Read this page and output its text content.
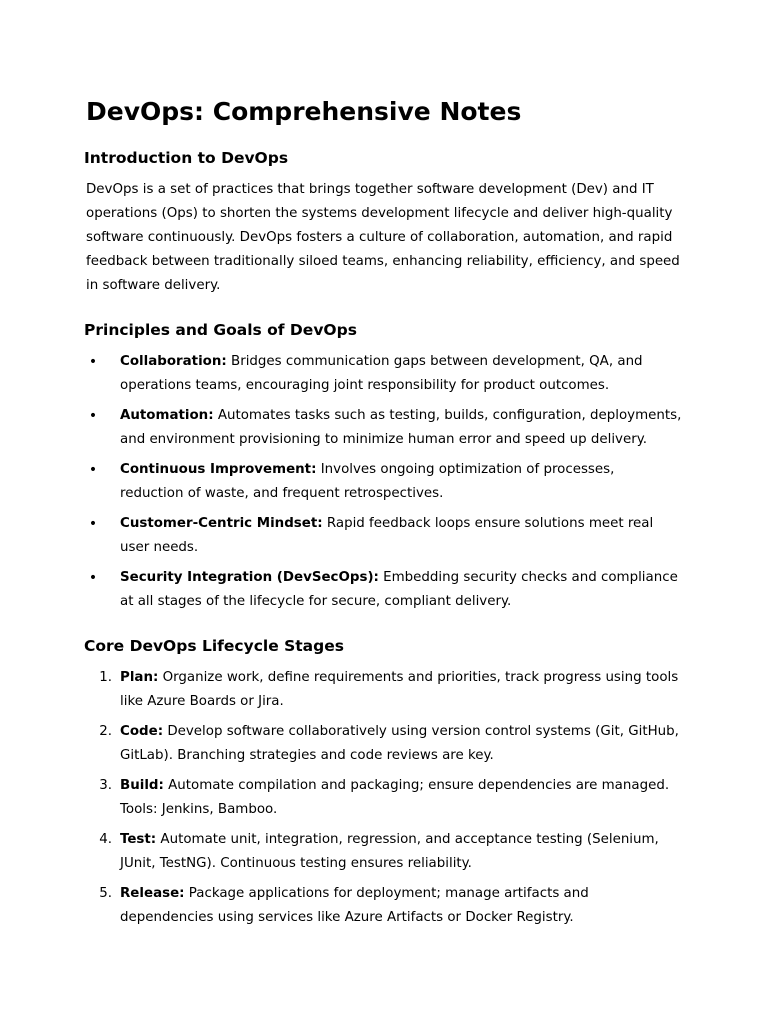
DevOps: Comprehensive Notes
Introduction to DevOps

DevOps is a set of practices that brings together software development (Dev) and IT operations (Ops) to shorten the systems development lifecycle and deliver high-quality software continuously. DevOps fosters a culture of collaboration, automation, and rapid feedback between traditionally siloed teams, enhancing reliability, efficiency, and speed in software delivery.

Principles and Goals of DevOps
• Collaboration: Bridges communication gaps between development, QA, and operations teams, encouraging joint responsibility for product outcomes.
• Automation: Automates tasks such as testing, builds, configuration, deployments, and environment provisioning to minimize human error and speed up delivery.
• Continuous Improvement: Involves ongoing optimization of processes, reduction of waste, and frequent retrospectives.
• Customer-Centric Mindset: Rapid feedback loops ensure solutions meet real user needs.
• Security Integration (DevSecOps): Embedding security checks and compliance at all stages of the lifecycle for secure, compliant delivery.
Core DevOps Lifecycle Stages
1. Plan: Organize work, define requirements and priorities, track progress using tools like Azure Boards or Jira.
2. Code: Develop software collaboratively using version control systems (Git, GitHub, GitLab). Branching strategies and code reviews are key.
3. Build: Automate compilation and packaging; ensure dependencies are managed. Tools: Jenkins, Bamboo.
4. Test: Automate unit, integration, regression, and acceptance testing (Selenium, JUnit, TestNG). Continuous testing ensures reliability.
5. Release: Package applications for deployment; manage artifacts and dependencies using services like Azure Artifacts or Docker Registry.
